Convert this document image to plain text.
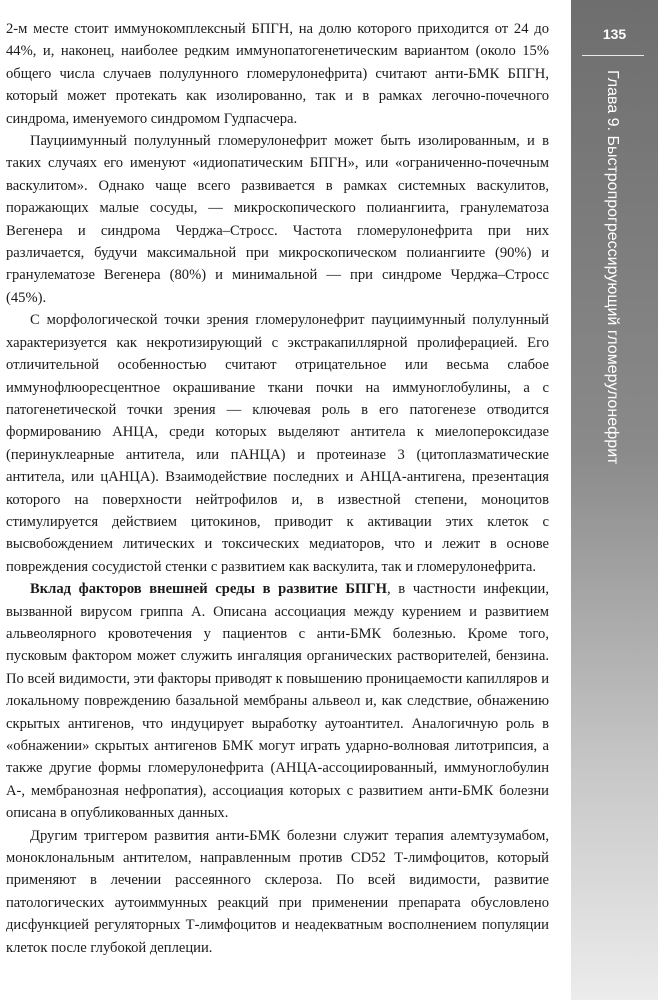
2-м месте стоит иммунокомплексный БПГН, на долю которого приходится от 24 до 44%, и, наконец, наиболее редким иммунопатогенетическим вариантом (около 15% общего числа случаев полулунного гломерулонефрита) считают анти-БМК БПГН, который может протекать как изолированно, так и в рамках легочно-почечного синдрома, именуемого синдромом Гудпасчера.

Пауциимунный полулунный гломерулонефрит может быть изолированным, и в таких случаях его именуют «идиопатическим БПГН», или «ограниченно-почечным васкулитом». Однако чаще всего развивается в рамках системных васкулитов, поражающих малые сосуды, — микроскопического полиангиита, гранулематоза Вегенера и синдрома Черджа–Стросс. Частота гломерулонефрита при них различается, будучи максимальной при микроскопическом полиангиите (90%) и гранулематозе Вегенера (80%) и минимальной — при синдроме Черджа–Стросс (45%).

С морфологической точки зрения гломерулонефрит пауциимунный полулунный характеризуется как некротизирующий с экстракапиллярной пролиферацией. Его отличительной особенностью считают отрицательное или весьма слабое иммунофлюоресцентное окрашивание ткани почки на иммуноглобулины, а с патогенетической точки зрения — ключевая роль в его патогенезе отводится формированию АНЦА, среди которых выделяют антитела к миелопероксидазе (перинуклеарные антитела, или пАНЦА) и протеиназе 3 (цитоплазматические антитела, или цАНЦА). Взаимодействие последних и АНЦА-антигена, презентация которого на поверхности нейтрофилов и, в известной степени, моноцитов стимулируется действием цитокинов, приводит к активации этих клеток с высвобождением литических и токсических медиаторов, что и лежит в основе повреждения сосудистой стенки с развитием как васкулита, так и гломерулонефрита.

Вклад факторов внешней среды в развитие БПГН, в частности инфекции, вызванной вирусом гриппа А. Описана ассоциация между курением и развитием альвеолярного кровотечения у пациентов с анти-БМК болезнью. Кроме того, пусковым фактором может служить ингаляция органических растворителей, бензина. По всей видимости, эти факторы приводят к повышению проницаемости капилляров и локальному повреждению базальной мембраны альвеол и, как следствие, обнажению скрытых антигенов, что индуцирует выработку аутоантител. Аналогичную роль в «обнажении» скрытых антигенов БМК могут играть ударно-волновая литотрипсия, а также другие формы гломерулонефрита (АНЦА-ассоциированный, иммуноглобулин А-, мембранозная нефропатия), ассоциация которых с развитием анти-БМК болезни описана в опубликованных данных.

Другим триггером развития анти-БМК болезни служит терапия алемтузумабом, моноклональным антителом, направленным против CD52 Т-лимфоцитов, который применяют в лечении рассеянного склероза. По всей видимости, развитие патологических аутоиммунных реакций при применении препарата обусловлено дисфункцией регуляторных Т-лимфоцитов и неадекватным восполнением популяции клеток после глубокой деплеции.

135
Глава 9. Быстропрогрессирующий гломерулонефрит
